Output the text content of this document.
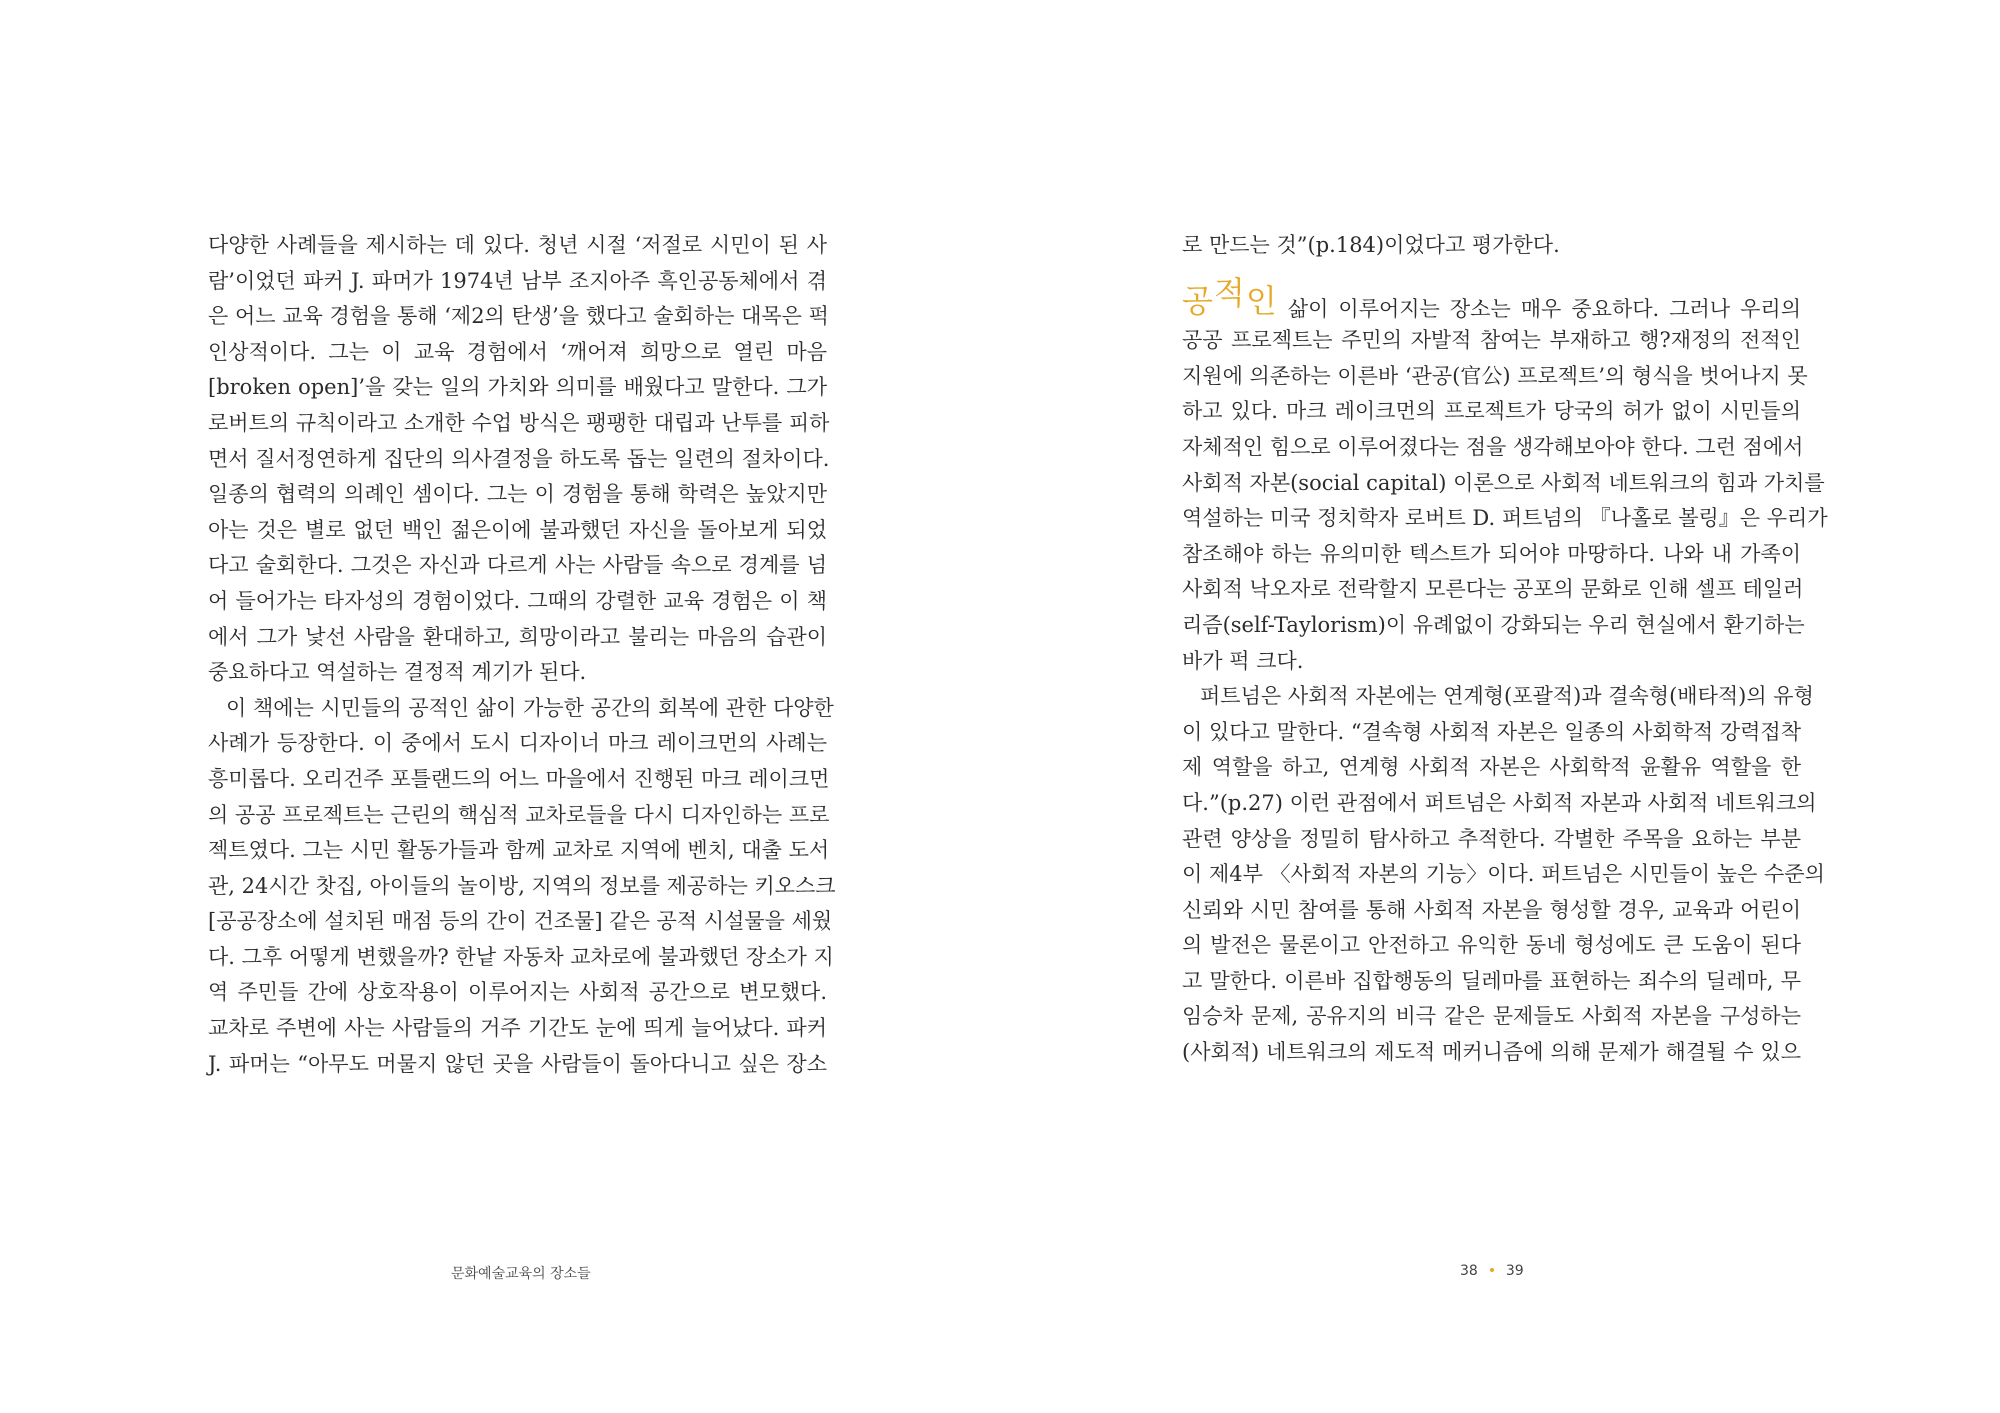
다양한 사례들을 제시하는 데 있다. 청년 시절 ‘저절로 시민이 된 사
람’이었던 파커 J. 파머가 1974년 남부 조지아주 흑인공동체에서 겪
은 어느 교육 경험을 통해 ‘제2의 탄생’을 했다고 술회하는 대목은 퍽
인상적이다. 그는 이 교육 경험에서 ‘깨어져 희망으로 열린 마음
[broken open]’을 갖는 일의 가치와 의미를 배웠다고 말한다. 그가
로버트의 규칙이라고 소개한 수업 방식은 팽팽한 대립과 난투를 피하
면서 질서정연하게 집단의 의사결정을 하도록 돕는 일련의 절차이다.
일종의 협력의 의례인 셈이다. 그는 이 경험을 통해 학력은 높았지만
아는 것은 별로 없던 백인 젊은이에 불과했던 자신을 돌아보게 되었
다고 술회한다. 그것은 자신과 다르게 사는 사람들 속으로 경계를 넘
어 들어가는 타자성의 경험이었다. 그때의 강렬한 교육 경험은 이 책
에서 그가 낯선 사람을 환대하고, 희망이라고 불리는 마음의 습관이
중요하다고 역설하는 결정적 계기가 된다.
이 책에는 시민들의 공적인 삶이 가능한 공간의 회복에 관한 다양한
사례가 등장한다. 이 중에서 도시 디자이너 마크 레이크먼의 사례는
흥미롭다. 오리건주 포틀랜드의 어느 마을에서 진행된 마크 레이크먼
의 공공 프로젝트는 근린의 핵심적 교차로들을 다시 디자인하는 프로
젝트였다. 그는 시민 활동가들과 함께 교차로 지역에 벤치, 대출 도서
관, 24시간 찻집, 아이들의 놀이방, 지역의 정보를 제공하는 키오스크
[공공장소에 설치된 매점 등의 간이 건조물] 같은 공적 시설물을 세웠
다. 그후 어떻게 변했을까? 한낱 자동차 교차로에 불과했던 장소가 지
역 주민들 간에 상호작용이 이루어지는 사회적 공간으로 변모했다.
교차로 주변에 사는 사람들의 거주 기간도 눈에 띄게 늘어났다. 파커
J. 파머는 “아무도 머물지 않던 곳을 사람들이 돌아다니고 싶은 장소
문화예술교육의 장소들
로 만드는 것”(p.184)이었다고 평가한다.
공적인 삶이 이루어지는 장소는 매우 중요하다. 그러나 우리의
공공 프로젝트는 주민의 자발적 참여는 부재하고 행?재정의 전적인
지원에 의존하는 이른바 ‘관공(官公) 프로젝트’의 형식을 벗어나지 못
하고 있다. 마크 레이크먼의 프로젝트가 당국의 허가 없이 시민들의
자체적인 힘으로 이루어졌다는 점을 생각해보아야 한다. 그런 점에서
사회적 자본(social capital) 이론으로 사회적 네트워크의 힘과 가치를
역설하는 미국 정치학자 로버트 D. 퍼트넘의 『나홀로 볼링』은 우리가
참조해야 하는 유의미한 텍스트가 되어야 마땅하다. 나와 내 가족이
사회적 낙오자로 전락할지 모른다는 공포의 문화로 인해 셀프 테일러
리즘(self-Taylorism)이 유례없이 강화되는 우리 현실에서 환기하는
바가 퍽 크다.
퍼트넘은 사회적 자본에는 연계형(포괄적)과 결속형(배타적)의 유형
이 있다고 말한다. “결속형 사회적 자본은 일종의 사회학적 강력접착
제 역할을 하고, 연계형 사회적 자본은 사회학적 윤활유 역할을 한
다.”(p.27) 이런 관점에서 퍼트넘은 사회적 자본과 사회적 네트워크의
관련 양상을 정밀히 탐사하고 추적한다. 각별한 주목을 요하는 부분
이 제4부 〈사회적 자본의 기능〉이다. 퍼트넘은 시민들이 높은 수준의
신뢰와 시민 참여를 통해 사회적 자본을 형성할 경우, 교육과 어린이
의 발전은 물론이고 안전하고 유익한 동네 형성에도 큰 도움이 된다
고 말한다. 이른바 집합행동의 딜레마를 표현하는 죄수의 딜레마, 무
임승차 문제, 공유지의 비극 같은 문제들도 사회적 자본을 구성하는
(사회적) 네트워크의 제도적 메커니즘에 의해 문제가 해결될 수 있으
38 39
